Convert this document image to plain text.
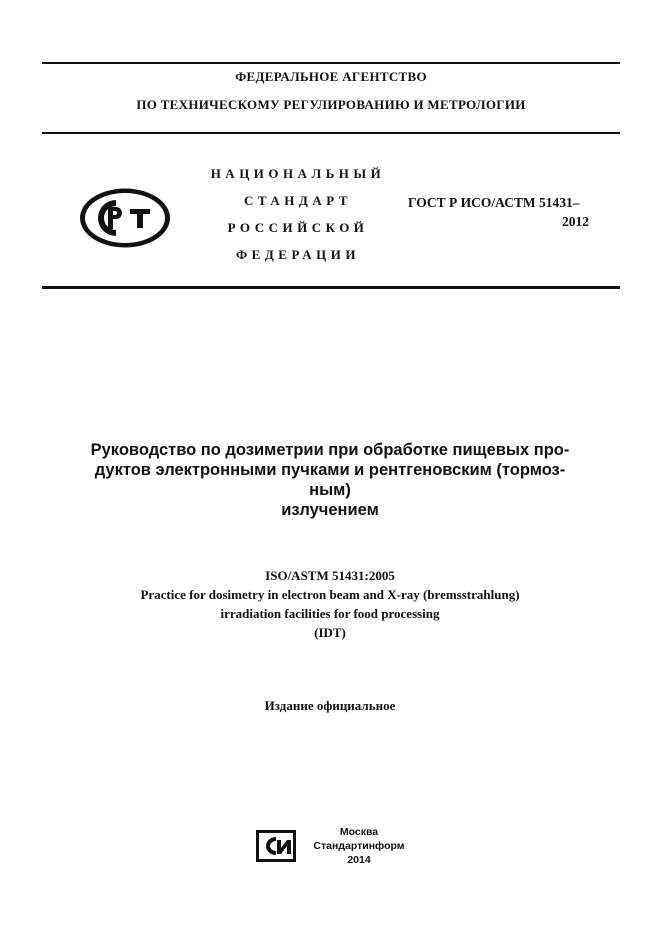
ФЕДЕРАЛЬНОЕ АГЕНТСТВО
ПО ТЕХНИЧЕСКОМУ РЕГУЛИРОВАНИЮ И МЕТРОЛОГИИ
РСТ
НАЦИОНАЛЬНЫЙ
СТАНДАРТ
РОССИЙСКОЙ
ФЕДЕРАЦИИ
ГОСТ Р ИСО/АСТМ 51431–
2012
Руководство по дозиметрии при обработке пищевых про-
дуктов электронными пучками и рентгеновским (тормоз-
ным)
излучением
ISO/ASTM 51431:2005
Practice for dosimetry in electron beam and X-ray (bremsstrahlung)
irradiation facilities for food processing
(IDT)
Издание официальное
Москва
Стандартинформ
2014
